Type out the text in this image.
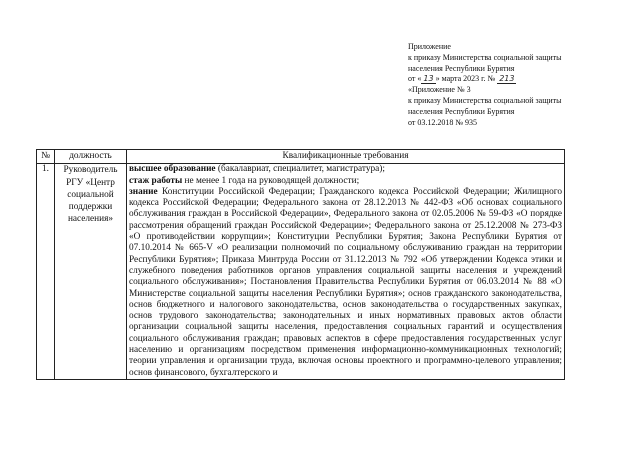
Приложение
к приказу Министерства социальной защиты
населения Республики Бурятия
от « 13 » марта 2023 г. № 213
«Приложение № 3
к приказу Министерства социальной защиты
населения Республики Бурятия
от 03.12.2018 № 935
№	должность	Квалификационные требования
1.	Руководитель РГУ «Центр социальной поддержки населения»	высшее образование (бакалавриат, специалитет, магистратура);

стаж работы не менее 1 года на руководящей должности;

знание Конституции Российской Федерации; Гражданского кодекса Российской Федерации; Жилищного кодекса Российской Федерации; Федерального закона от 28.12.2013 № 442-ФЗ «Об основах социального обслуживания граждан в Российской Федерации», Федерального закона от 02.05.2006 № 59-ФЗ «О порядке рассмотрения обращений граждан Российской Федерации»; Федерального закона от 25.12.2008 № 273-ФЗ «О противодействии коррупции»; Конституции Республики Бурятия; Закона Республики Бурятия от 07.10.2014 № 665-V «О реализации полномочий по социальному обслуживанию граждан на территории Республики Бурятия»; Приказа Минтруда России от 31.12.2013 № 792 «Об утверждении Кодекса этики и служебного поведения работников органов управления социальной защиты населения и учреждений социального обслуживания»; Постановления Правительства Республики Бурятия от 06.03.2014 № 88 «О Министерстве социальной защиты населения Республики Бурятия»; основ гражданского законодательства, основ бюджетного и налогового законодательства, основ законодательства о государственных закупках, основ трудового законодательства; законодательных и иных нормативных правовых актов области организации социальной защиты населения, предоставления социальных гарантий и осуществления социального обслуживания граждан; правовых аспектов в сфере предоставления государственных услуг населению и организациям посредством применения информационно-коммуникационных технологий; теории управления и организации труда, включая основы проектного и программно-целевого управления; основ финансового, бухгалтерского и
